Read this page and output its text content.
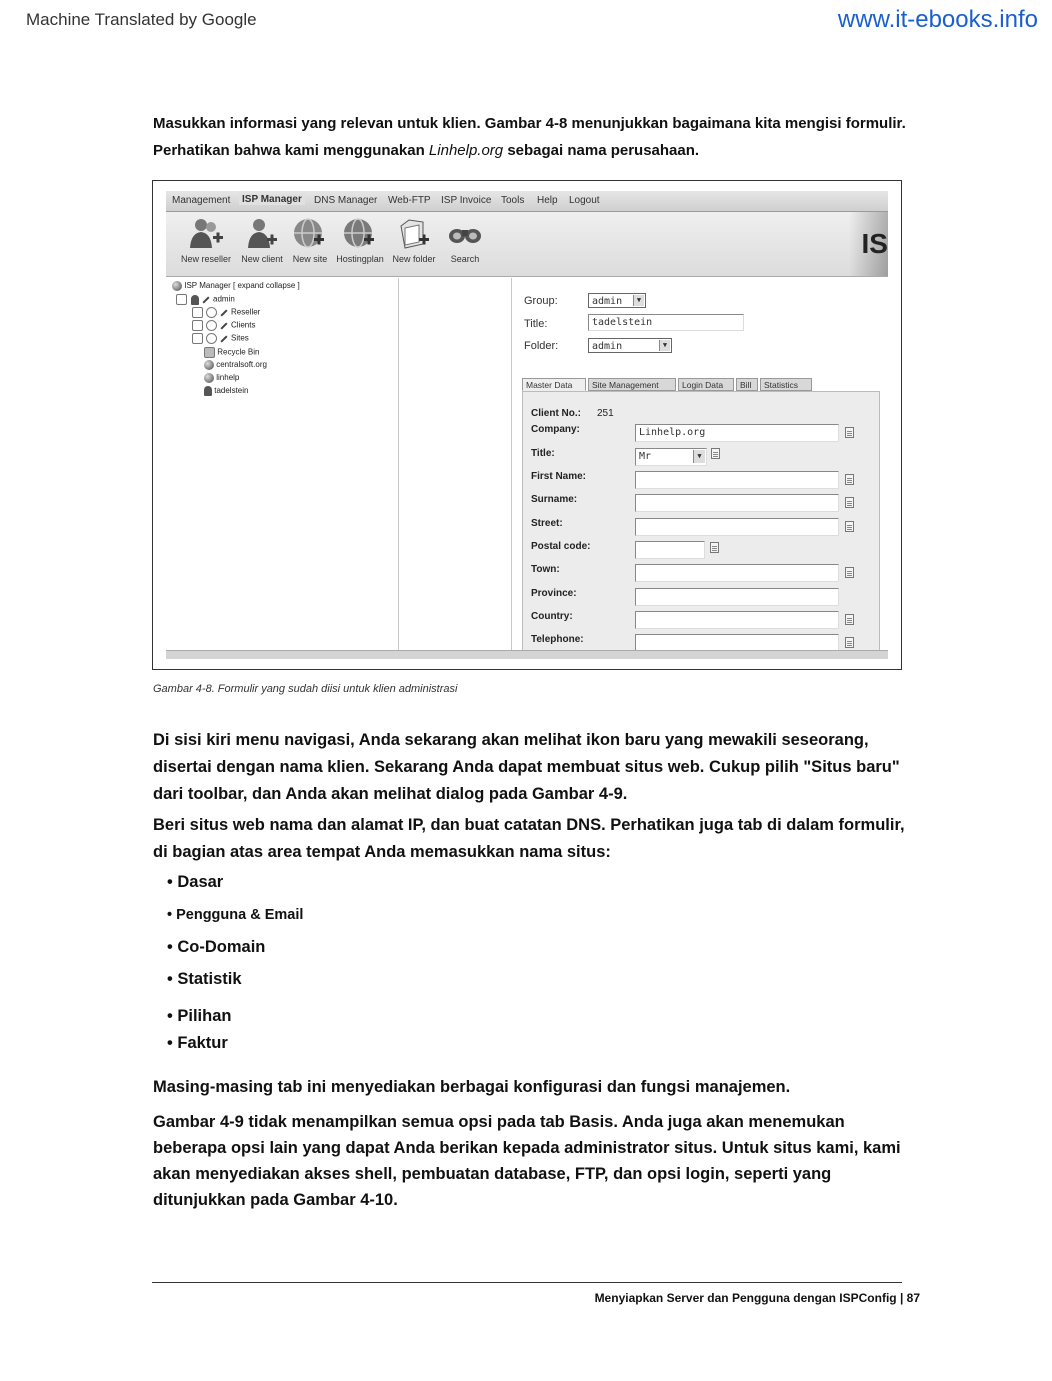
Machine Translated by Google	www.it-ebooks.info
Masukkan informasi yang relevan untuk klien. Gambar 4-8 menunjukkan bagaimana kita mengisi formulir. Perhatikan bahwa kami menggunakan Linhelp.org sebagai nama perusahaan.
Management	ISP Manager	DNS Manager Web-FTP ISP Invoice Tools Help Logout
New reseller	New client	New site Hostingplan New folder	Search	IS
ISP Manager [ expand collapse ]
admin
Reseller
Clients
Sites
Recycle Bin
centralsoft.org
linhelp
tadelstein
Group:	admin	▼
Title:	tadelstein
Folder:	admin	▼
Master Data	Site Management	Login Data	Bill	Statistics
Client No.: 251
Company:	Linhelp.org
Title:	Mr	▼
First Name:
Surname:
Street:
Postal code:
Town:
Province:
Country:
Telephone:
Gambar 4-8. Formulir yang sudah diisi untuk klien administrasi
Di sisi kiri menu navigasi, Anda sekarang akan melihat ikon baru yang mewakili seseorang, disertai dengan nama klien. Sekarang Anda dapat membuat situs web. Cukup pilih "Situs baru" dari toolbar, dan Anda akan melihat dialog pada Gambar 4-9.
Beri situs web nama dan alamat IP, dan buat catatan DNS. Perhatikan juga tab di dalam formulir, di bagian atas area tempat Anda memasukkan nama situs:
• Dasar
• Pengguna & Email
• Co-Domain
• Statistik
• Pilihan
• Faktur
Masing-masing tab ini menyediakan berbagai konfigurasi dan fungsi manajemen.
Gambar 4-9 tidak menampilkan semua opsi pada tab Basis. Anda juga akan menemukan beberapa opsi lain yang dapat Anda berikan kepada administrator situs. Untuk situs kami, kami akan menyediakan akses shell, pembuatan database, FTP, dan opsi login, seperti yang ditunjukkan pada Gambar 4-10.
Menyiapkan Server dan Pengguna dengan ISPConfig | 87
